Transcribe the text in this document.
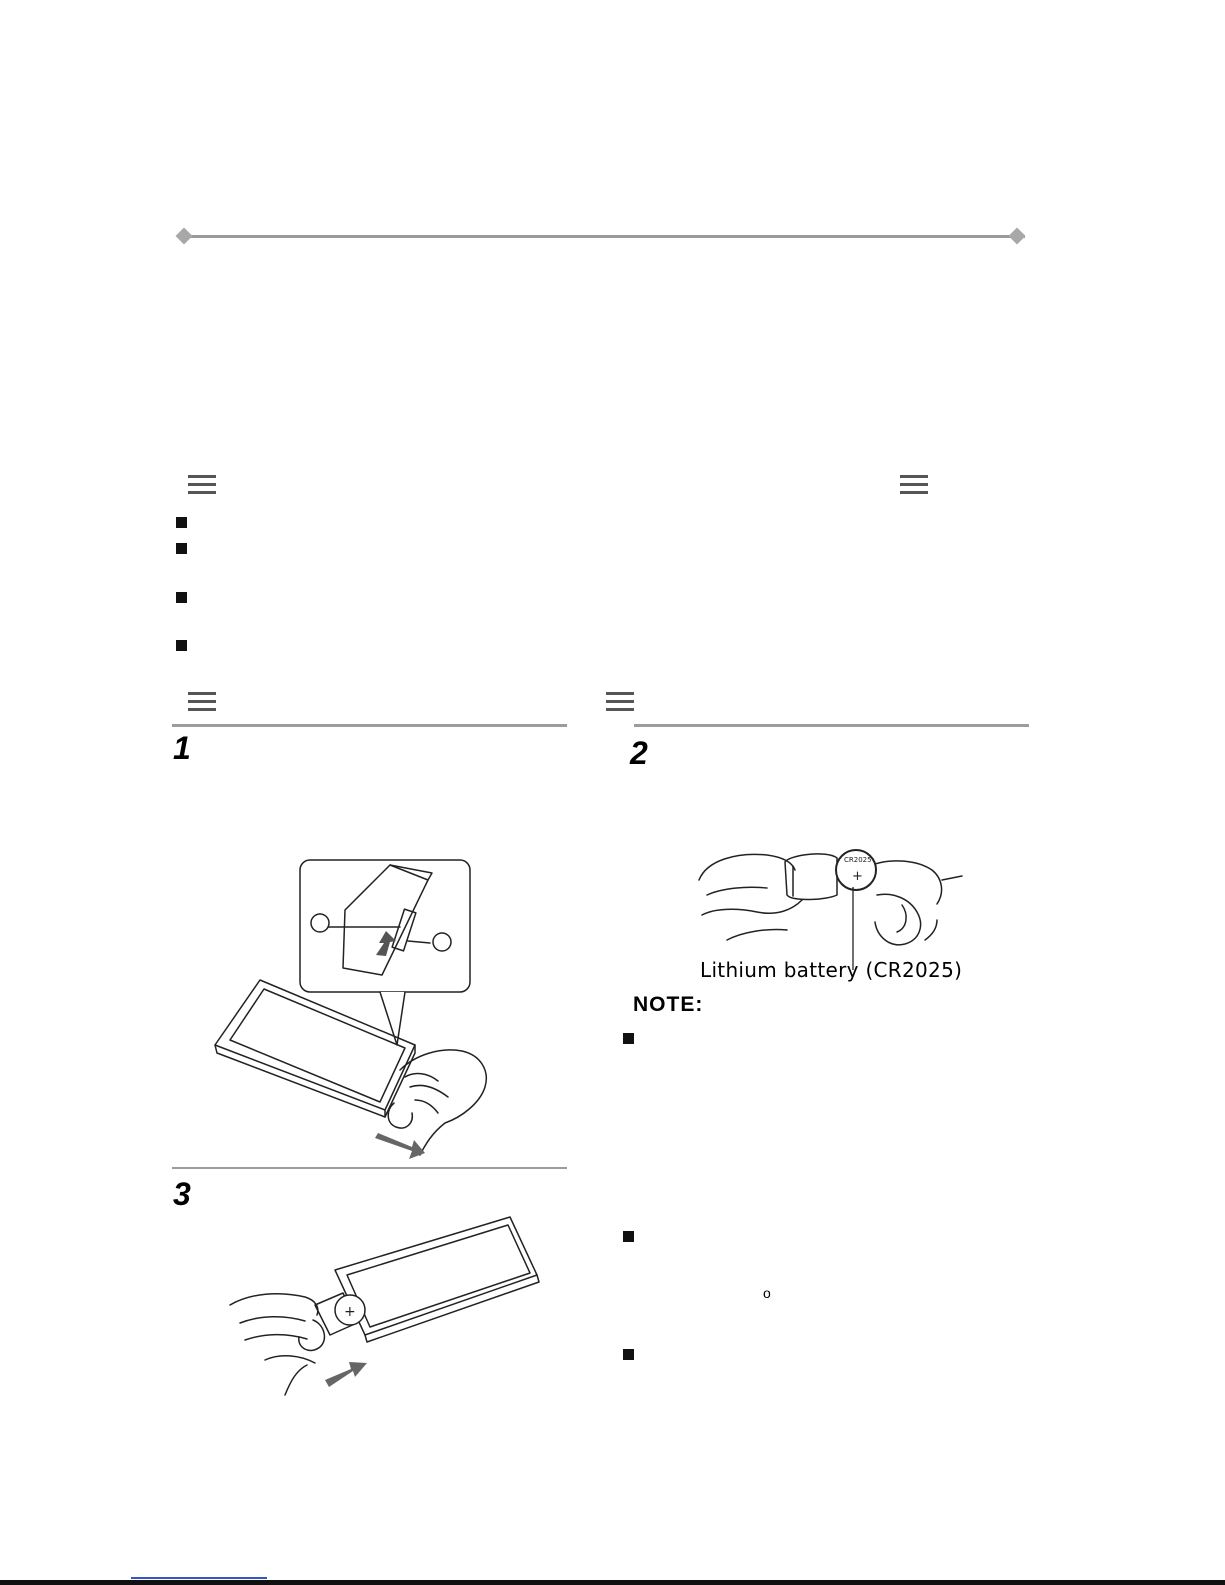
1	2
3
CR2025
+
Lithium battery (CR2025)
NOTE:
o
+
